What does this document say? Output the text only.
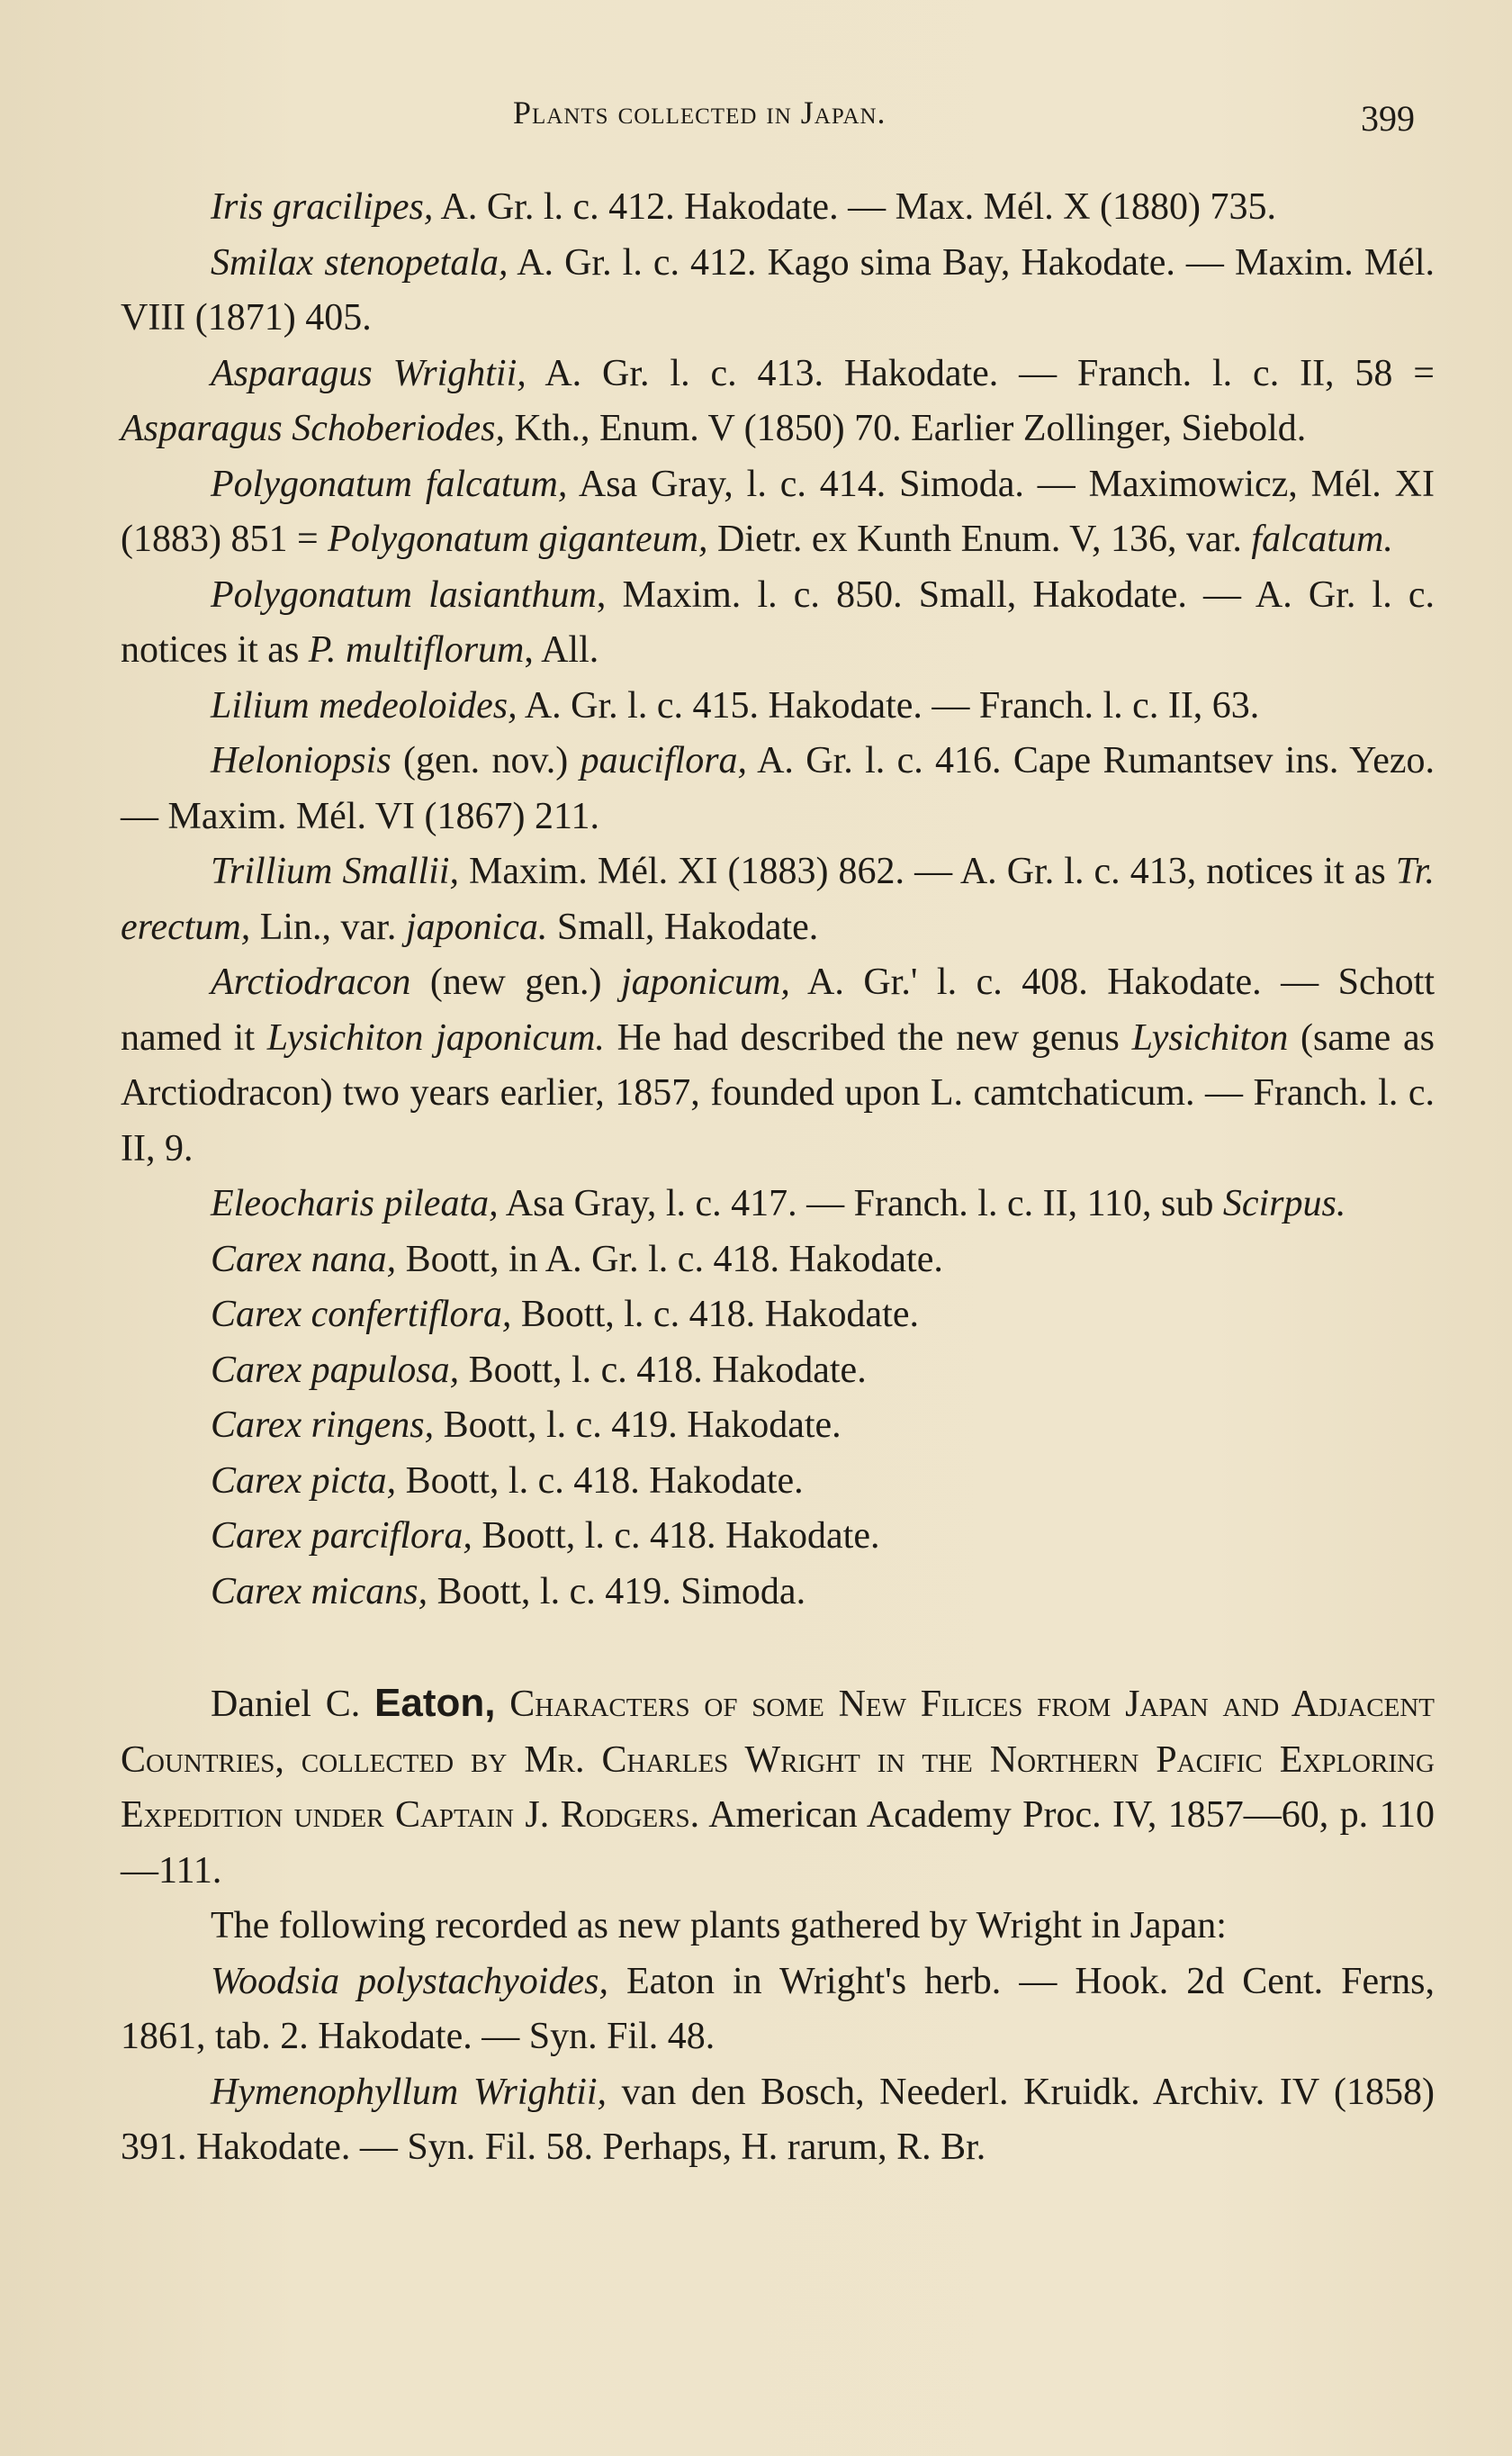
Plants collected in Japan.	399

Iris gracilipes, A. Gr. l. c. 412. Hakodate. — Max. Mél. X (1880) 735.

Smilax stenopetala, A. Gr. l. c. 412. Kago sima Bay, Hakodate. — Maxim. Mél. VIII (1871) 405.

Asparagus Wrightii, A. Gr. l. c. 413. Hakodate. — Franch. l. c. II, 58 = Asparagus Schoberiodes, Kth., Enum. V (1850) 70. Earlier Zollinger, Siebold.

Polygonatum falcatum, Asa Gray, l. c. 414. Simoda. — Maximowicz, Mél. XI (1883) 851 = Polygonatum giganteum, Dietr. ex Kunth Enum. V, 136, var. falcatum.

Polygonatum lasianthum, Maxim. l. c. 850. Small, Hakodate. — A. Gr. l. c. notices it as P. multiflorum, All.

Lilium medeoloides, A. Gr. l. c. 415. Hakodate. — Franch. l. c. II, 63.

Heloniopsis (gen. nov.) pauciflora, A. Gr. l. c. 416. Cape Rumantsev ins. Yezo. — Maxim. Mél. VI (1867) 211.

Trillium Smallii, Maxim. Mél. XI (1883) 862. — A. Gr. l. c. 413, notices it as Tr. erectum, Lin., var. japonica. Small, Hakodate.

Arctiodracon (new gen.) japonicum, A. Gr.' l. c. 408. Hakodate. — Schott named it Lysichiton japonicum. He had described the new genus Lysichiton (same as Arctiodracon) two years earlier, 1857, founded upon L. camtchaticum. — Franch. l. c. II, 9.

Eleocharis pileata, Asa Gray, l. c. 417. — Franch. l. c. II, 110, sub Scirpus.

Carex nana, Boott, in A. Gr. l. c. 418. Hakodate.

Carex confertiflora, Boott, l. c. 418. Hakodate.

Carex papulosa, Boott, l. c. 418. Hakodate.

Carex ringens, Boott, l. c. 419. Hakodate.

Carex picta, Boott, l. c. 418. Hakodate.

Carex parciflora, Boott, l. c. 418. Hakodate.

Carex micans, Boott, l. c. 419. Simoda.

Daniel C. Eaton, Characters of some New Filices from Japan and Adjacent Countries, collected by Mr. Charles Wright in the Northern Pacific Exploring Expedition under Captain J. Rodgers. American Academy Proc. IV, 1857—60, p. 110—111.

The following recorded as new plants gathered by Wright in Japan:

Woodsia polystachyoides, Eaton in Wright's herb. — Hook. 2d Cent. Ferns, 1861, tab. 2. Hakodate. — Syn. Fil. 48.

Hymenophyllum Wrightii, van den Bosch, Neederl. Kruidk. Archiv. IV (1858) 391. Hakodate. — Syn. Fil. 58. Perhaps, H. rarum, R. Br.
